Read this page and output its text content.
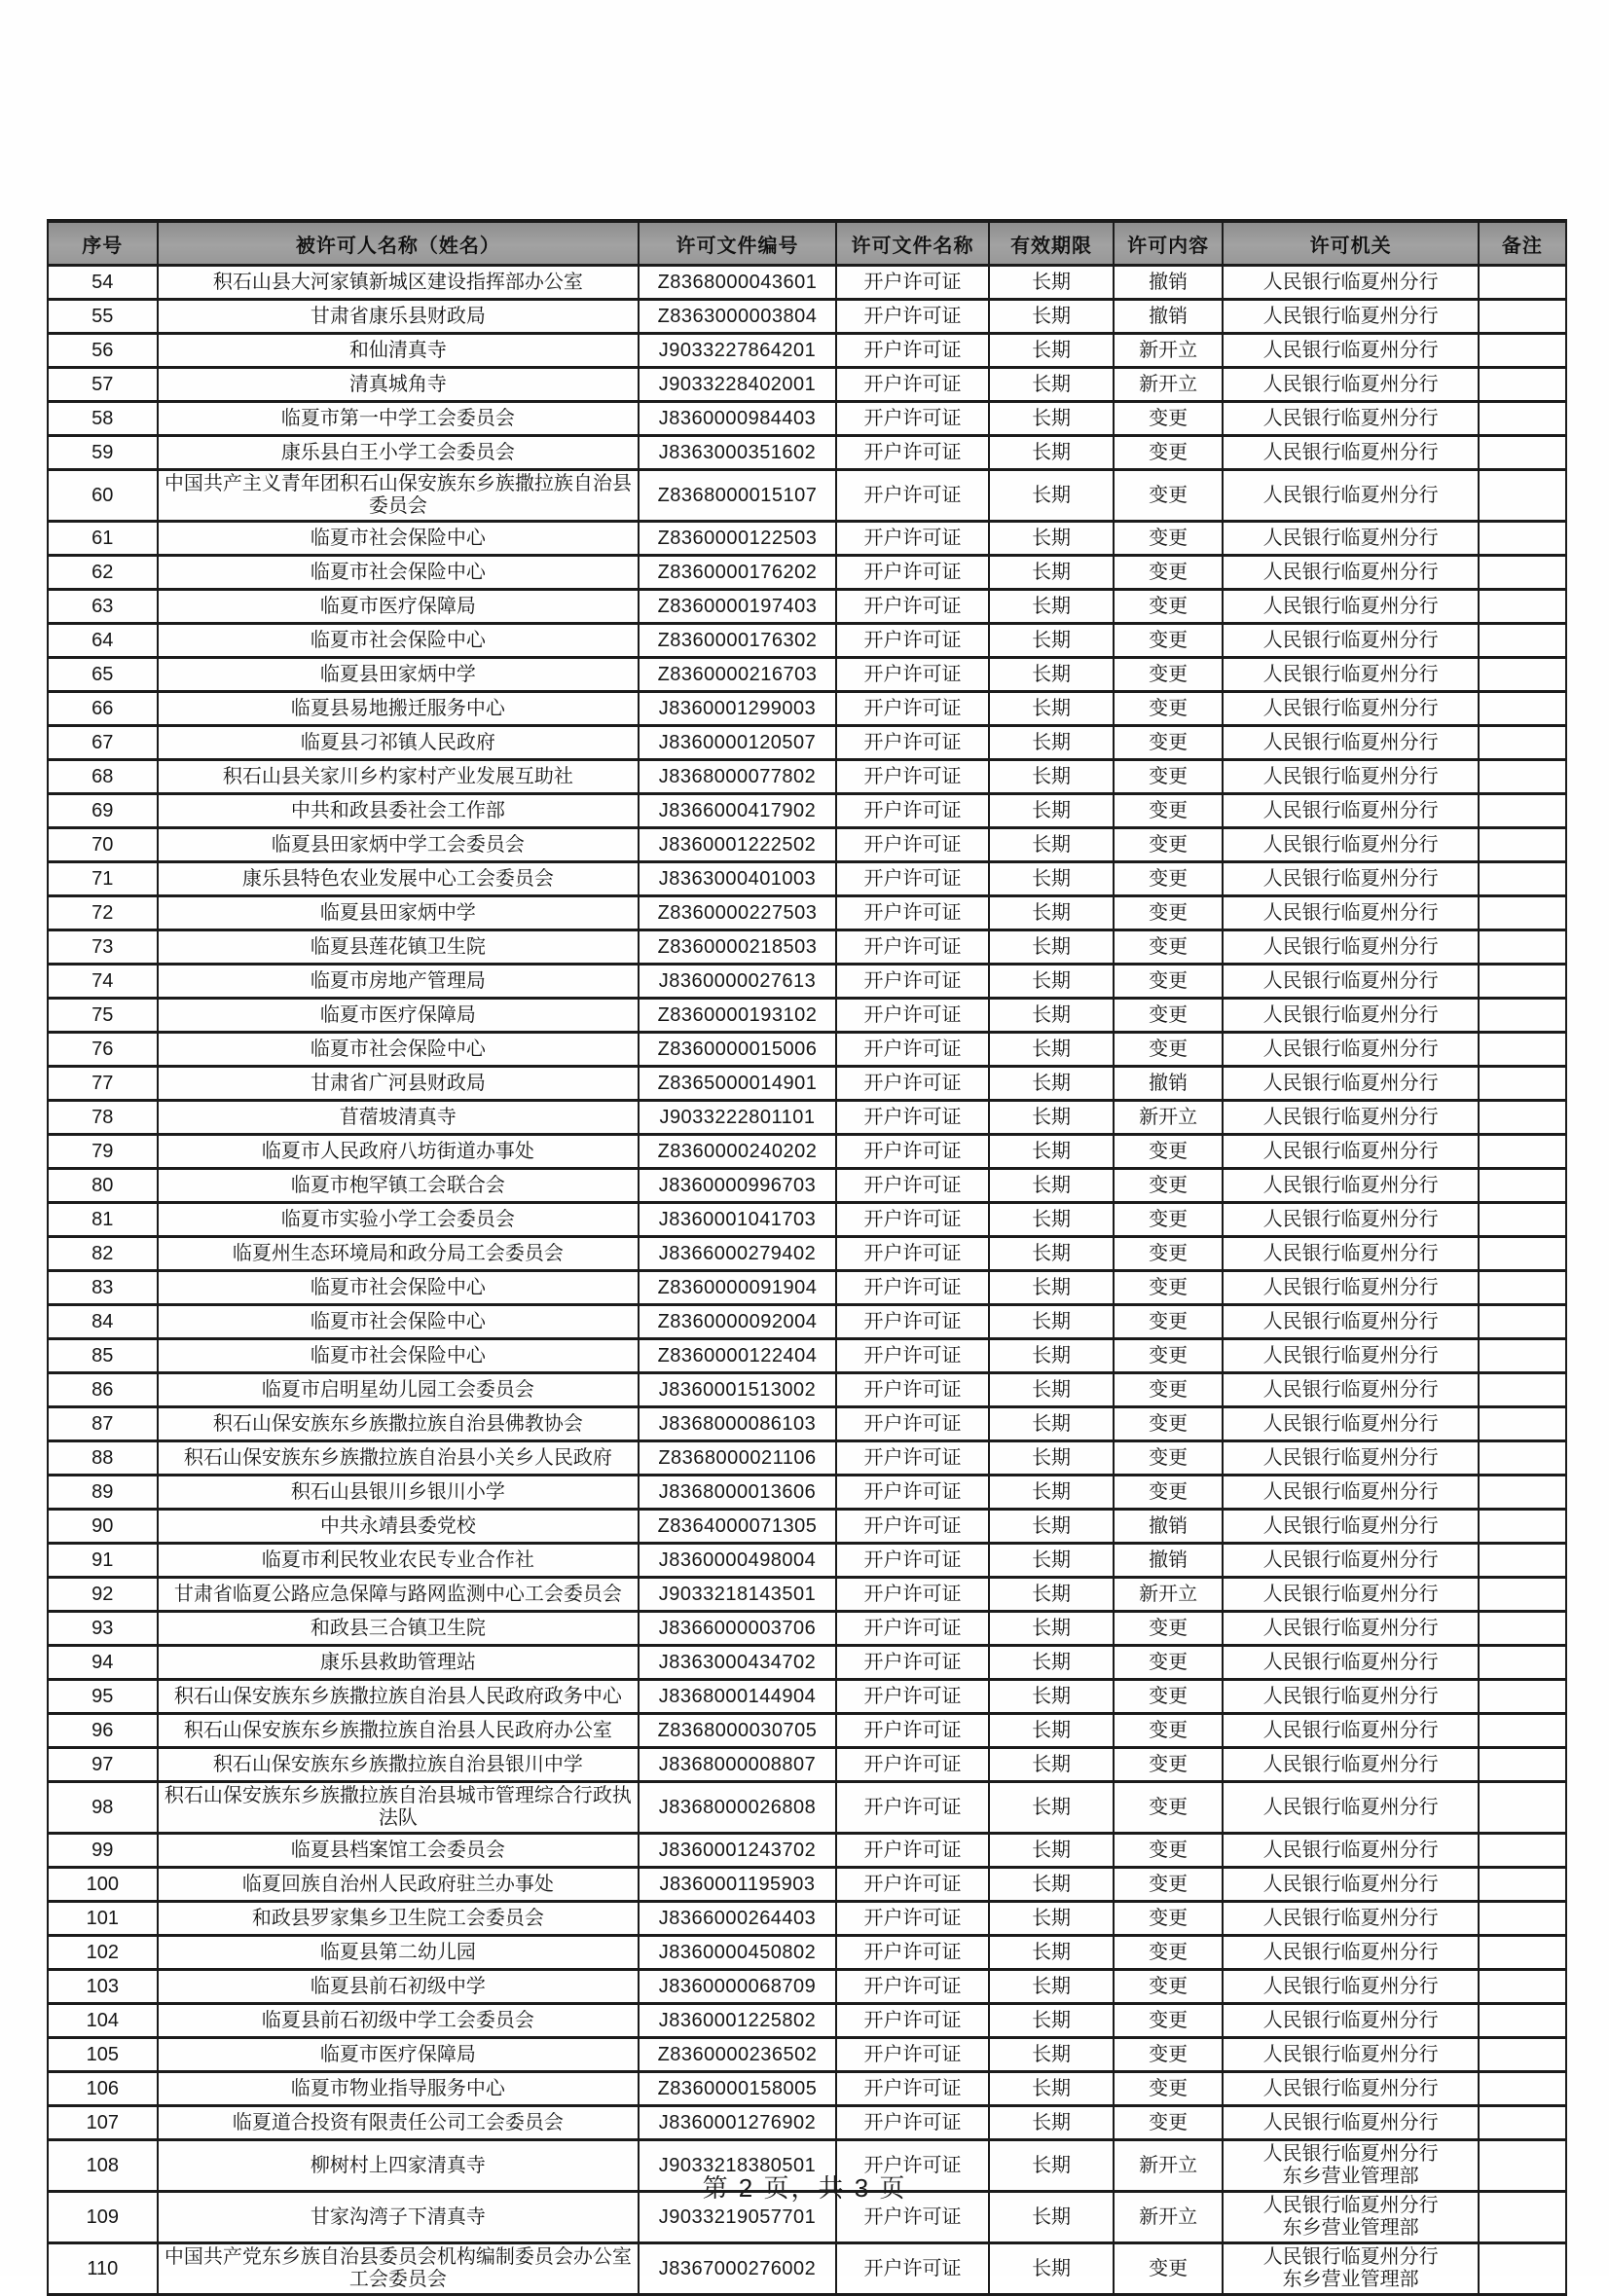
序号	被许可人名称（姓名）	许可文件编号	许可文件名称	有效期限	许可内容	许可机关	备注
54	积石山县大河家镇新城区建设指挥部办公室	Z8368000043601	开户许可证	长期	撤销	人民银行临夏州分行	
55	甘肃省康乐县财政局	Z8363000003804	开户许可证	长期	撤销	人民银行临夏州分行	
56	和仙清真寺	J9033227864201	开户许可证	长期	新开立	人民银行临夏州分行	
57	清真城角寺	J9033228402001	开户许可证	长期	新开立	人民银行临夏州分行	
58	临夏市第一中学工会委员会	J8360000984403	开户许可证	长期	变更	人民银行临夏州分行	
59	康乐县白王小学工会委员会	J8363000351602	开户许可证	长期	变更	人民银行临夏州分行	
60	中国共产主义青年团积石山保安族东乡族撒拉族自治县委员会	Z8368000015107	开户许可证	长期	变更	人民银行临夏州分行	
61	临夏市社会保险中心	Z8360000122503	开户许可证	长期	变更	人民银行临夏州分行	
62	临夏市社会保险中心	Z8360000176202	开户许可证	长期	变更	人民银行临夏州分行	
63	临夏市医疗保障局	Z8360000197403	开户许可证	长期	变更	人民银行临夏州分行	
64	临夏市社会保险中心	Z8360000176302	开户许可证	长期	变更	人民银行临夏州分行	
65	临夏县田家炳中学	Z8360000216703	开户许可证	长期	变更	人民银行临夏州分行	
66	临夏县易地搬迁服务中心	J8360001299003	开户许可证	长期	变更	人民银行临夏州分行	
67	临夏县刁祁镇人民政府	J8360000120507	开户许可证	长期	变更	人民银行临夏州分行	
68	积石山县关家川乡杓家村产业发展互助社	J8368000077802	开户许可证	长期	变更	人民银行临夏州分行	
69	中共和政县委社会工作部	J8366000417902	开户许可证	长期	变更	人民银行临夏州分行	
70	临夏县田家炳中学工会委员会	J8360001222502	开户许可证	长期	变更	人民银行临夏州分行	
71	康乐县特色农业发展中心工会委员会	J8363000401003	开户许可证	长期	变更	人民银行临夏州分行	
72	临夏县田家炳中学	Z8360000227503	开户许可证	长期	变更	人民银行临夏州分行	
73	临夏县莲花镇卫生院	Z8360000218503	开户许可证	长期	变更	人民银行临夏州分行	
74	临夏市房地产管理局	J8360000027613	开户许可证	长期	变更	人民银行临夏州分行	
75	临夏市医疗保障局	Z8360000193102	开户许可证	长期	变更	人民银行临夏州分行	
76	临夏市社会保险中心	Z8360000015006	开户许可证	长期	变更	人民银行临夏州分行	
77	甘肃省广河县财政局	Z8365000014901	开户许可证	长期	撤销	人民银行临夏州分行	
78	苜蓿坡清真寺	J9033222801101	开户许可证	长期	新开立	人民银行临夏州分行	
79	临夏市人民政府八坊街道办事处	Z8360000240202	开户许可证	长期	变更	人民银行临夏州分行	
80	临夏市枹罕镇工会联合会	J8360000996703	开户许可证	长期	变更	人民银行临夏州分行	
81	临夏市实验小学工会委员会	J8360001041703	开户许可证	长期	变更	人民银行临夏州分行	
82	临夏州生态环境局和政分局工会委员会	J8366000279402	开户许可证	长期	变更	人民银行临夏州分行	
83	临夏市社会保险中心	Z8360000091904	开户许可证	长期	变更	人民银行临夏州分行	
84	临夏市社会保险中心	Z8360000092004	开户许可证	长期	变更	人民银行临夏州分行	
85	临夏市社会保险中心	Z8360000122404	开户许可证	长期	变更	人民银行临夏州分行	
86	临夏市启明星幼儿园工会委员会	J8360001513002	开户许可证	长期	变更	人民银行临夏州分行	
87	积石山保安族东乡族撒拉族自治县佛教协会	J8368000086103	开户许可证	长期	变更	人民银行临夏州分行	
88	积石山保安族东乡族撒拉族自治县小关乡人民政府	Z8368000021106	开户许可证	长期	变更	人民银行临夏州分行	
89	积石山县银川乡银川小学	J8368000013606	开户许可证	长期	变更	人民银行临夏州分行	
90	中共永靖县委党校	Z8364000071305	开户许可证	长期	撤销	人民银行临夏州分行	
91	临夏市利民牧业农民专业合作社	J8360000498004	开户许可证	长期	撤销	人民银行临夏州分行	
92	甘肃省临夏公路应急保障与路网监测中心工会委员会	J9033218143501	开户许可证	长期	新开立	人民银行临夏州分行	
93	和政县三合镇卫生院	J8366000003706	开户许可证	长期	变更	人民银行临夏州分行	
94	康乐县救助管理站	J8363000434702	开户许可证	长期	变更	人民银行临夏州分行	
95	积石山保安族东乡族撒拉族自治县人民政府政务中心	J8368000144904	开户许可证	长期	变更	人民银行临夏州分行	
96	积石山保安族东乡族撒拉族自治县人民政府办公室	Z8368000030705	开户许可证	长期	变更	人民银行临夏州分行	
97	积石山保安族东乡族撒拉族自治县银川中学	J8368000008807	开户许可证	长期	变更	人民银行临夏州分行	
98	积石山保安族东乡族撒拉族自治县城市管理综合行政执法队	J8368000026808	开户许可证	长期	变更	人民银行临夏州分行	
99	临夏县档案馆工会委员会	J8360001243702	开户许可证	长期	变更	人民银行临夏州分行	
100	临夏回族自治州人民政府驻兰办事处	J8360001195903	开户许可证	长期	变更	人民银行临夏州分行	
101	和政县罗家集乡卫生院工会委员会	J8366000264403	开户许可证	长期	变更	人民银行临夏州分行	
102	临夏县第二幼儿园	J8360000450802	开户许可证	长期	变更	人民银行临夏州分行	
103	临夏县前石初级中学	J8360000068709	开户许可证	长期	变更	人民银行临夏州分行	
104	临夏县前石初级中学工会委员会	J8360001225802	开户许可证	长期	变更	人民银行临夏州分行	
105	临夏市医疗保障局	Z8360000236502	开户许可证	长期	变更	人民银行临夏州分行	
106	临夏市物业指导服务中心	Z8360000158005	开户许可证	长期	变更	人民银行临夏州分行	
107	临夏道合投资有限责任公司工会委员会	J8360001276902	开户许可证	长期	变更	人民银行临夏州分行	
108	柳树村上四家清真寺	J9033218380501	开户许可证	长期	新开立	人民银行临夏州分行
东乡营业管理部	
109	甘家沟湾子下清真寺	J9033219057701	开户许可证	长期	新开立	人民银行临夏州分行
东乡营业管理部	
110	中国共产党东乡族自治县委员会机构编制委员会办公室工会委员会	J8367000276002	开户许可证	长期	变更	人民银行临夏州分行
东乡营业管理部	
第 2 页，共 3 页
